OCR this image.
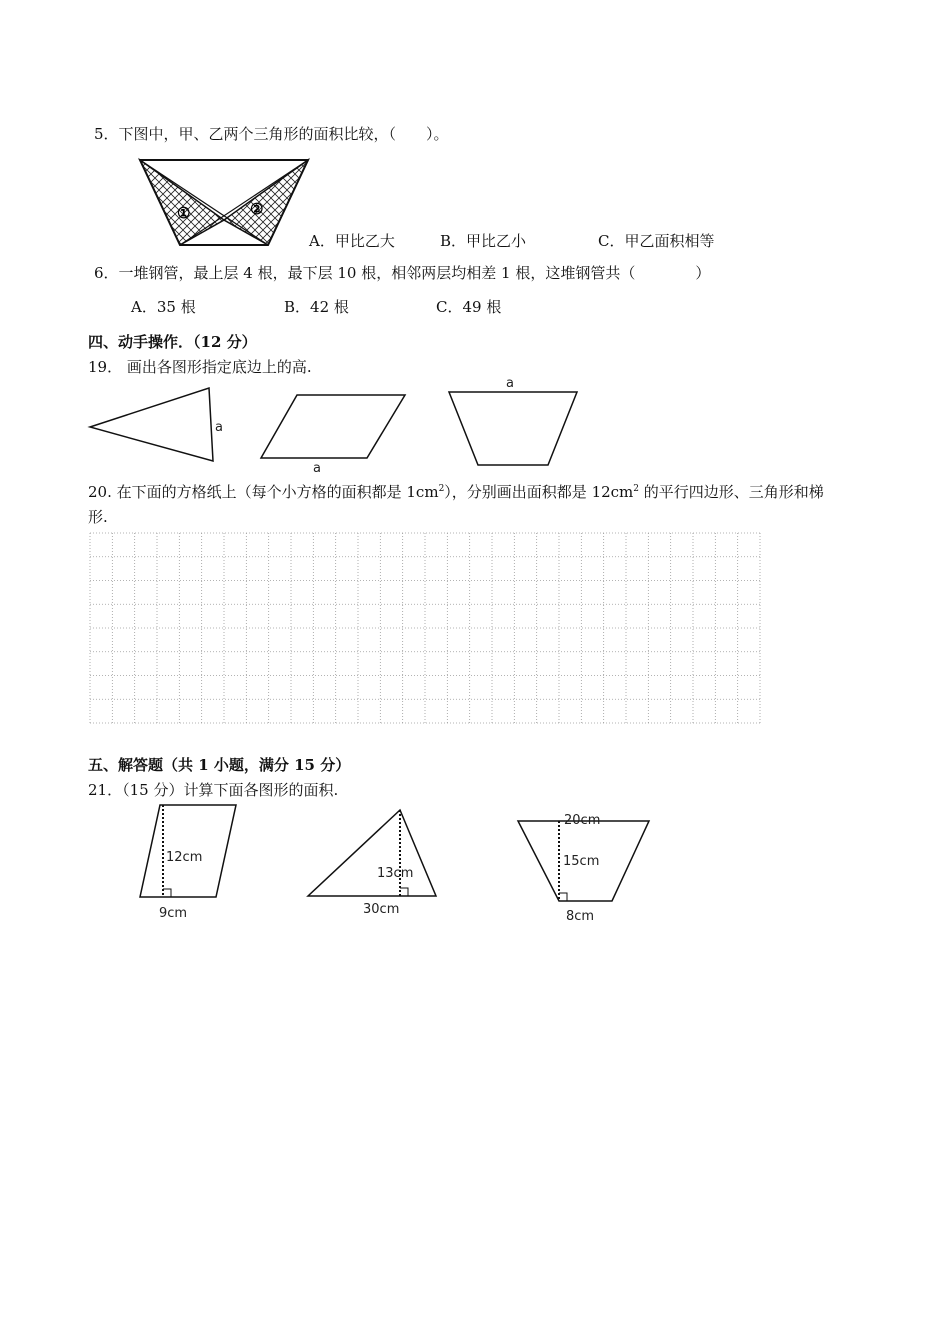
5．下图中，甲、乙两个三角形的面积比较，（　　）。
①	②
A．甲比乙大	B．甲比乙小	C．甲乙面积相等
6．一堆钢管，最上层 4 根，最下层 10 根，相邻两层均相差 1 根，这堆钢管共（　　　　）
A．35 根	B．42 根	C．49 根
四、动手操作．（12 分）
19． 画出各图形指定底边上的高.
a
a
a
20. 在下面的方格纸上（每个小方格的面积都是 $1cm^2$），分别画出面积都是 $12cm^2$ 的平行四边形、三角形和梯
形.
五、解答题（共 1 小题，满分 15 分）
21．（15 分）计算下面各图形的面积.
12cm
9cm
13cm
30cm
20cm
15cm
8cm
